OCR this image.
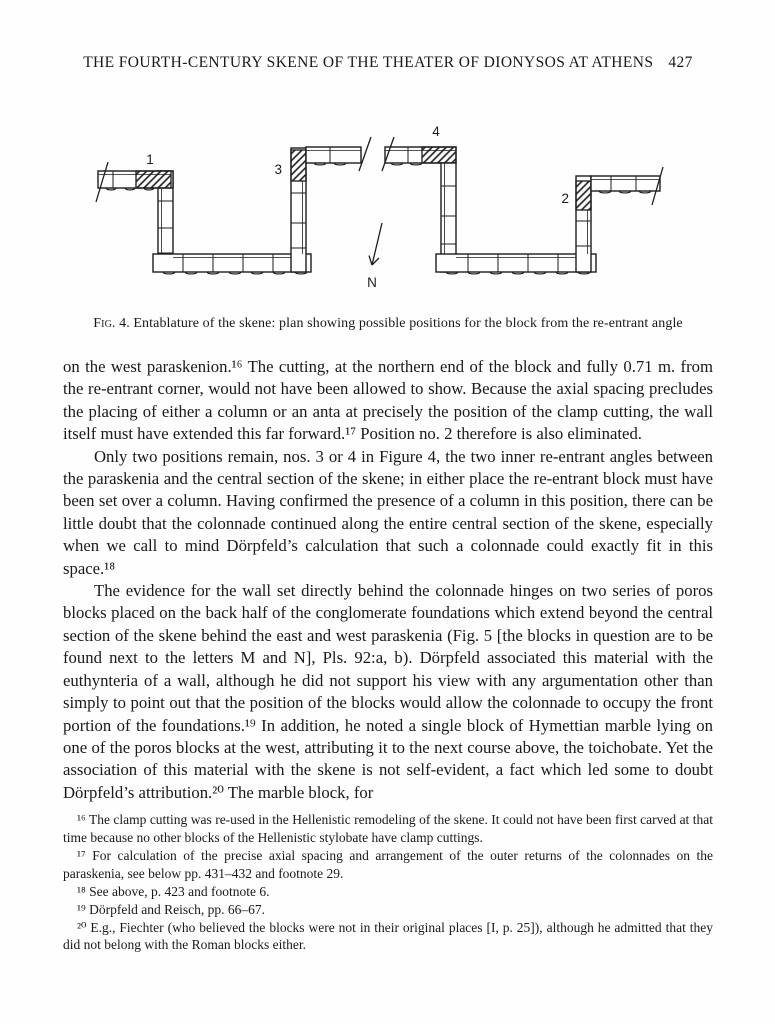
THE FOURTH-CENTURY SKENE OF THE THEATER OF DIONYSOS AT ATHENS 427
1
3
4
2
N
Fig. 4. Entablature of the skene: plan showing possible positions for the block from the re-entrant angle

on the west paraskenion.¹⁶ The cutting, at the northern end of the block and fully 0.71 m. from the re-entrant corner, would not have been allowed to show. Because the axial spacing precludes the placing of either a column or an anta at precisely the position of the clamp cutting, the wall itself must have extended this far forward.¹⁷ Position no. 2 therefore is also eliminated.

Only two positions remain, nos. 3 or 4 in Figure 4, the two inner re-entrant angles between the paraskenia and the central section of the skene; in either place the re-entrant block must have been set over a column. Having confirmed the presence of a column in this position, there can be little doubt that the colonnade continued along the entire central section of the skene, especially when we call to mind Dörpfeld’s calculation that such a colonnade could exactly fit in this space.¹⁸

The evidence for the wall set directly behind the colonnade hinges on two series of poros blocks placed on the back half of the conglomerate foundations which extend beyond the central section of the skene behind the east and west paraskenia (Fig. 5 [the blocks in question are to be found next to the letters M and N], Pls. 92:a, b). Dörpfeld associated this material with the euthynteria of a wall, although he did not support his view with any argumentation other than simply to point out that the position of the blocks would allow the colonnade to occupy the front portion of the foundations.¹⁹ In addition, he noted a single block of Hymettian marble lying on one of the poros blocks at the west, attributing it to the next course above, the toichobate. Yet the association of this material with the skene is not self-evident, a fact which led some to doubt Dörpfeld’s attribution.²⁰ The marble block, for

¹⁶ The clamp cutting was re-used in the Hellenistic remodeling of the skene. It could not have been first carved at that time because no other blocks of the Hellenistic stylobate have clamp cuttings.

¹⁷ For calculation of the precise axial spacing and arrangement of the outer returns of the colonnades on the paraskenia, see below pp. 431–432 and footnote 29.

¹⁸ See above, p. 423 and footnote 6.

¹⁹ Dörpfeld and Reisch, pp. 66–67.

²⁰ E.g., Fiechter (who believed the blocks were not in their original places [I, p. 25]), although he admitted that they did not belong with the Roman blocks either.
